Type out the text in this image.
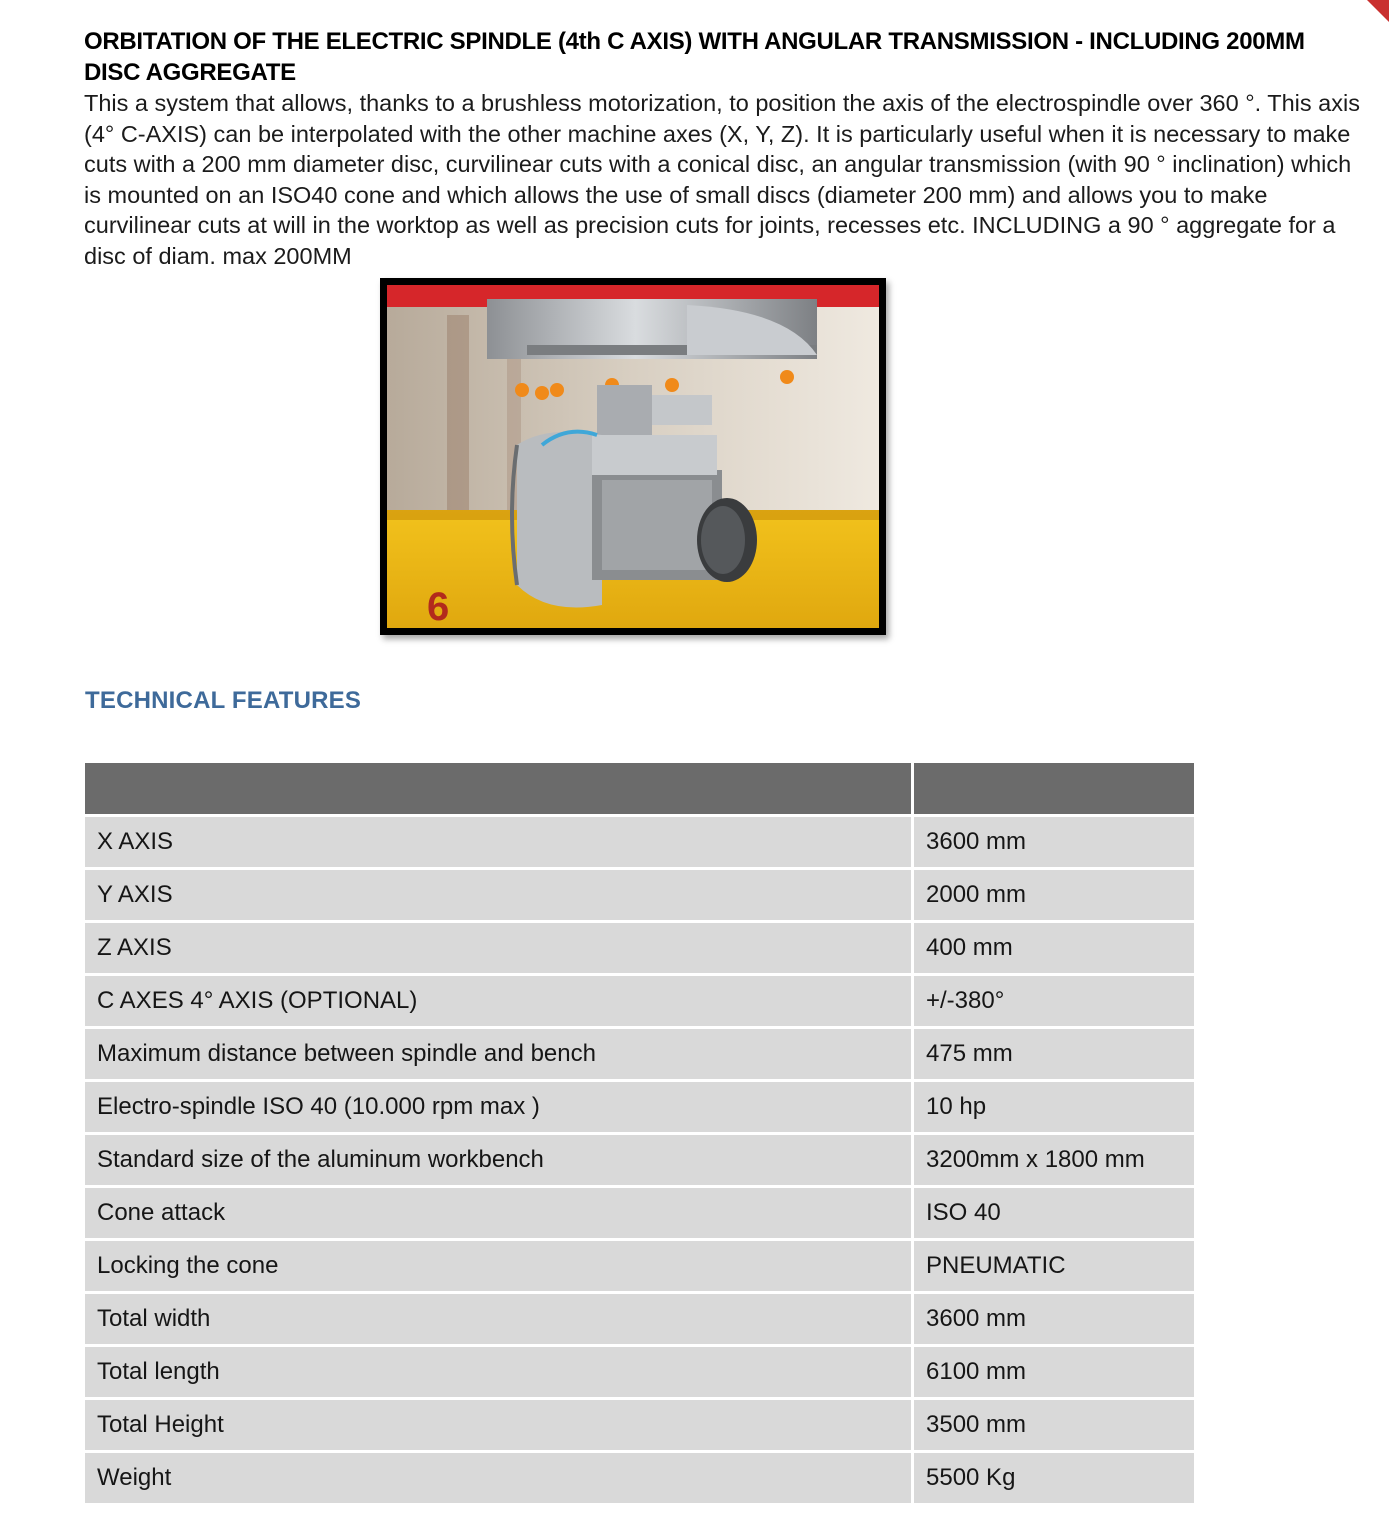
ORBITATION OF THE ELECTRIC SPINDLE (4th C AXIS) WITH ANGULAR TRANSMISSION - INCLUDING 200MM DISC AGGREGATE
This a system that allows, thanks to a brushless motorization, to position the axis of the electrospindle over 360 °. This axis (4° C-AXIS) can be interpolated with the other machine axes (X, Y, Z). It is particularly useful when it is necessary to make cuts with a 200 mm diameter disc, curvilinear cuts with a conical disc, an angular transmission (with 90 ° inclination) which is mounted on an ISO40 cone and which allows the use of small discs (diameter 200 mm) and allows you to make curvilinear cuts at will in the worktop as well as precision cuts for joints, recesses etc. INCLUDING a 90 ° aggregate for a disc of diam. max 200MM
6
TECHNICAL FEATURES

X AXIS	3600 mm
Y AXIS	2000 mm
Z AXIS	400 mm
C AXES 4° AXIS (OPTIONAL)	+/-380°
Maximum distance between spindle and bench	475 mm
Electro-spindle ISO 40 (10.000 rpm max )	10 hp
Standard size of the aluminum workbench	3200mm x 1800 mm
Cone attack	ISO 40
Locking the cone	PNEUMATIC
Total width	3600 mm
Total length	6100 mm
Total Height	3500 mm
Weight	5500 Kg
